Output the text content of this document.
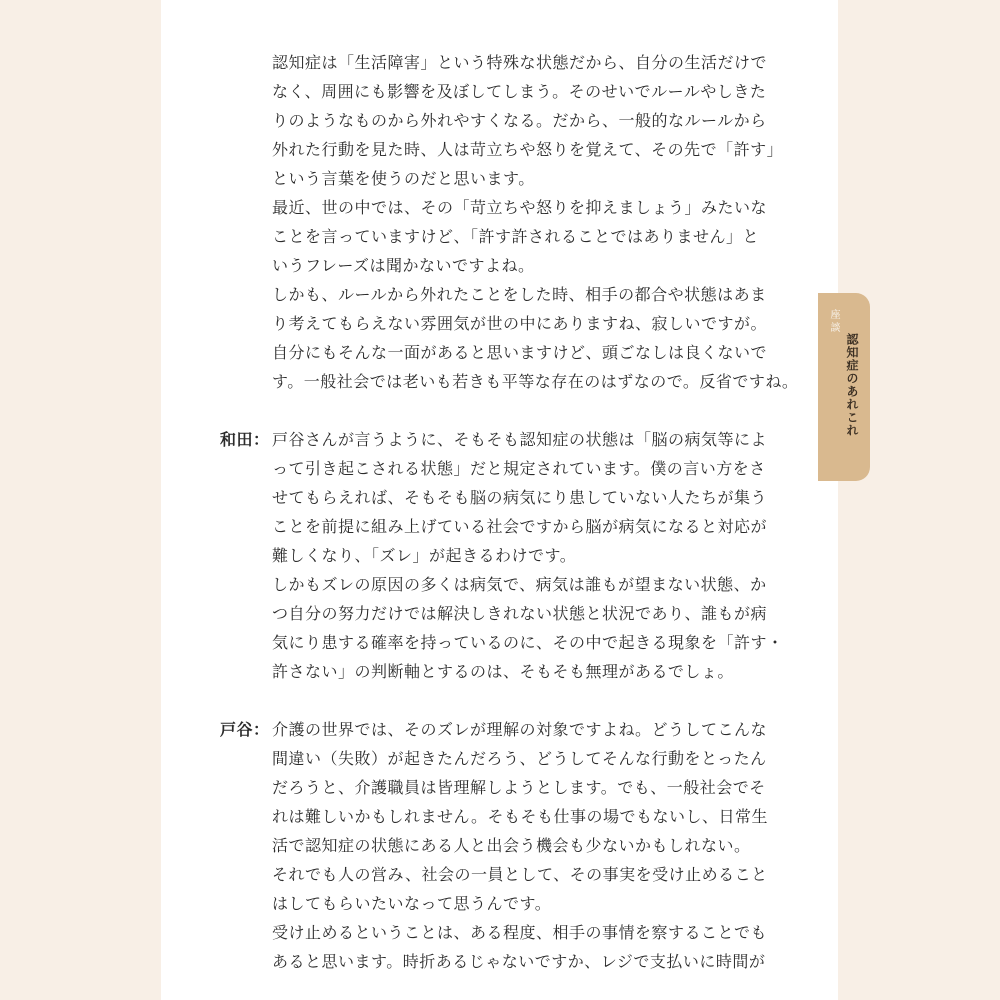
認知症は「生活障害」という特殊な状態だから、自分の生活だけで
なく、周囲にも影響を及ぼしてしまう。そのせいでルールやしきた
りのようなものから外れやすくなる。だから、一般的なルールから
外れた行動を見た時、人は苛立ちや怒りを覚えて、その先で「許す」
という言葉を使うのだと思います。
最近、世の中では、その「苛立ちや怒りを抑えましょう」みたいな
ことを言っていますけど、「許す許されることではありません」と
いうフレーズは聞かないですよね。
しかも、ルールから外れたことをした時、相手の都合や状態はあま
り考えてもらえない雰囲気が世の中にありますね、寂しいですが。
自分にもそんな一面があると思いますけど、頭ごなしは良くないで
す。一般社会では老いも若きも平等な存在のはずなので。反省ですね。
和田： 戸谷さんが言うように、そもそも認知症の状態は「脳の病気等によ
って引き起こされる状態」だと規定されています。僕の言い方をさ
せてもらえれば、そもそも脳の病気にり患していない人たちが集う
ことを前提に組み上げている社会ですから脳が病気になると対応が
難しくなり、「ズレ」が起きるわけです。
しかもズレの原因の多くは病気で、病気は誰もが望まない状態、か
つ自分の努力だけでは解決しきれない状態と状況であり、誰もが病
気にり患する確率を持っているのに、その中で起きる現象を「許す・
許さない」の判断軸とするのは、そもそも無理があるでしょ。
戸谷： 介護の世界では、そのズレが理解の対象ですよね。どうしてこんな
間違い（失敗）が起きたんだろう、どうしてそんな行動をとったん
だろうと、介護職員は皆理解しようとします。でも、一般社会でそ
れは難しいかもしれません。そもそも仕事の場でもないし、日常生
活で認知症の状態にある人と出会う機会も少ないかもしれない。
それでも人の営み、社会の一員として、その事実を受け止めること
はしてもらいたいなって思うんです。
受け止めるということは、ある程度、相手の事情を察することでも
あると思います。時折あるじゃないですか、レジで支払いに時間が
座談
認知症のあれこれ
